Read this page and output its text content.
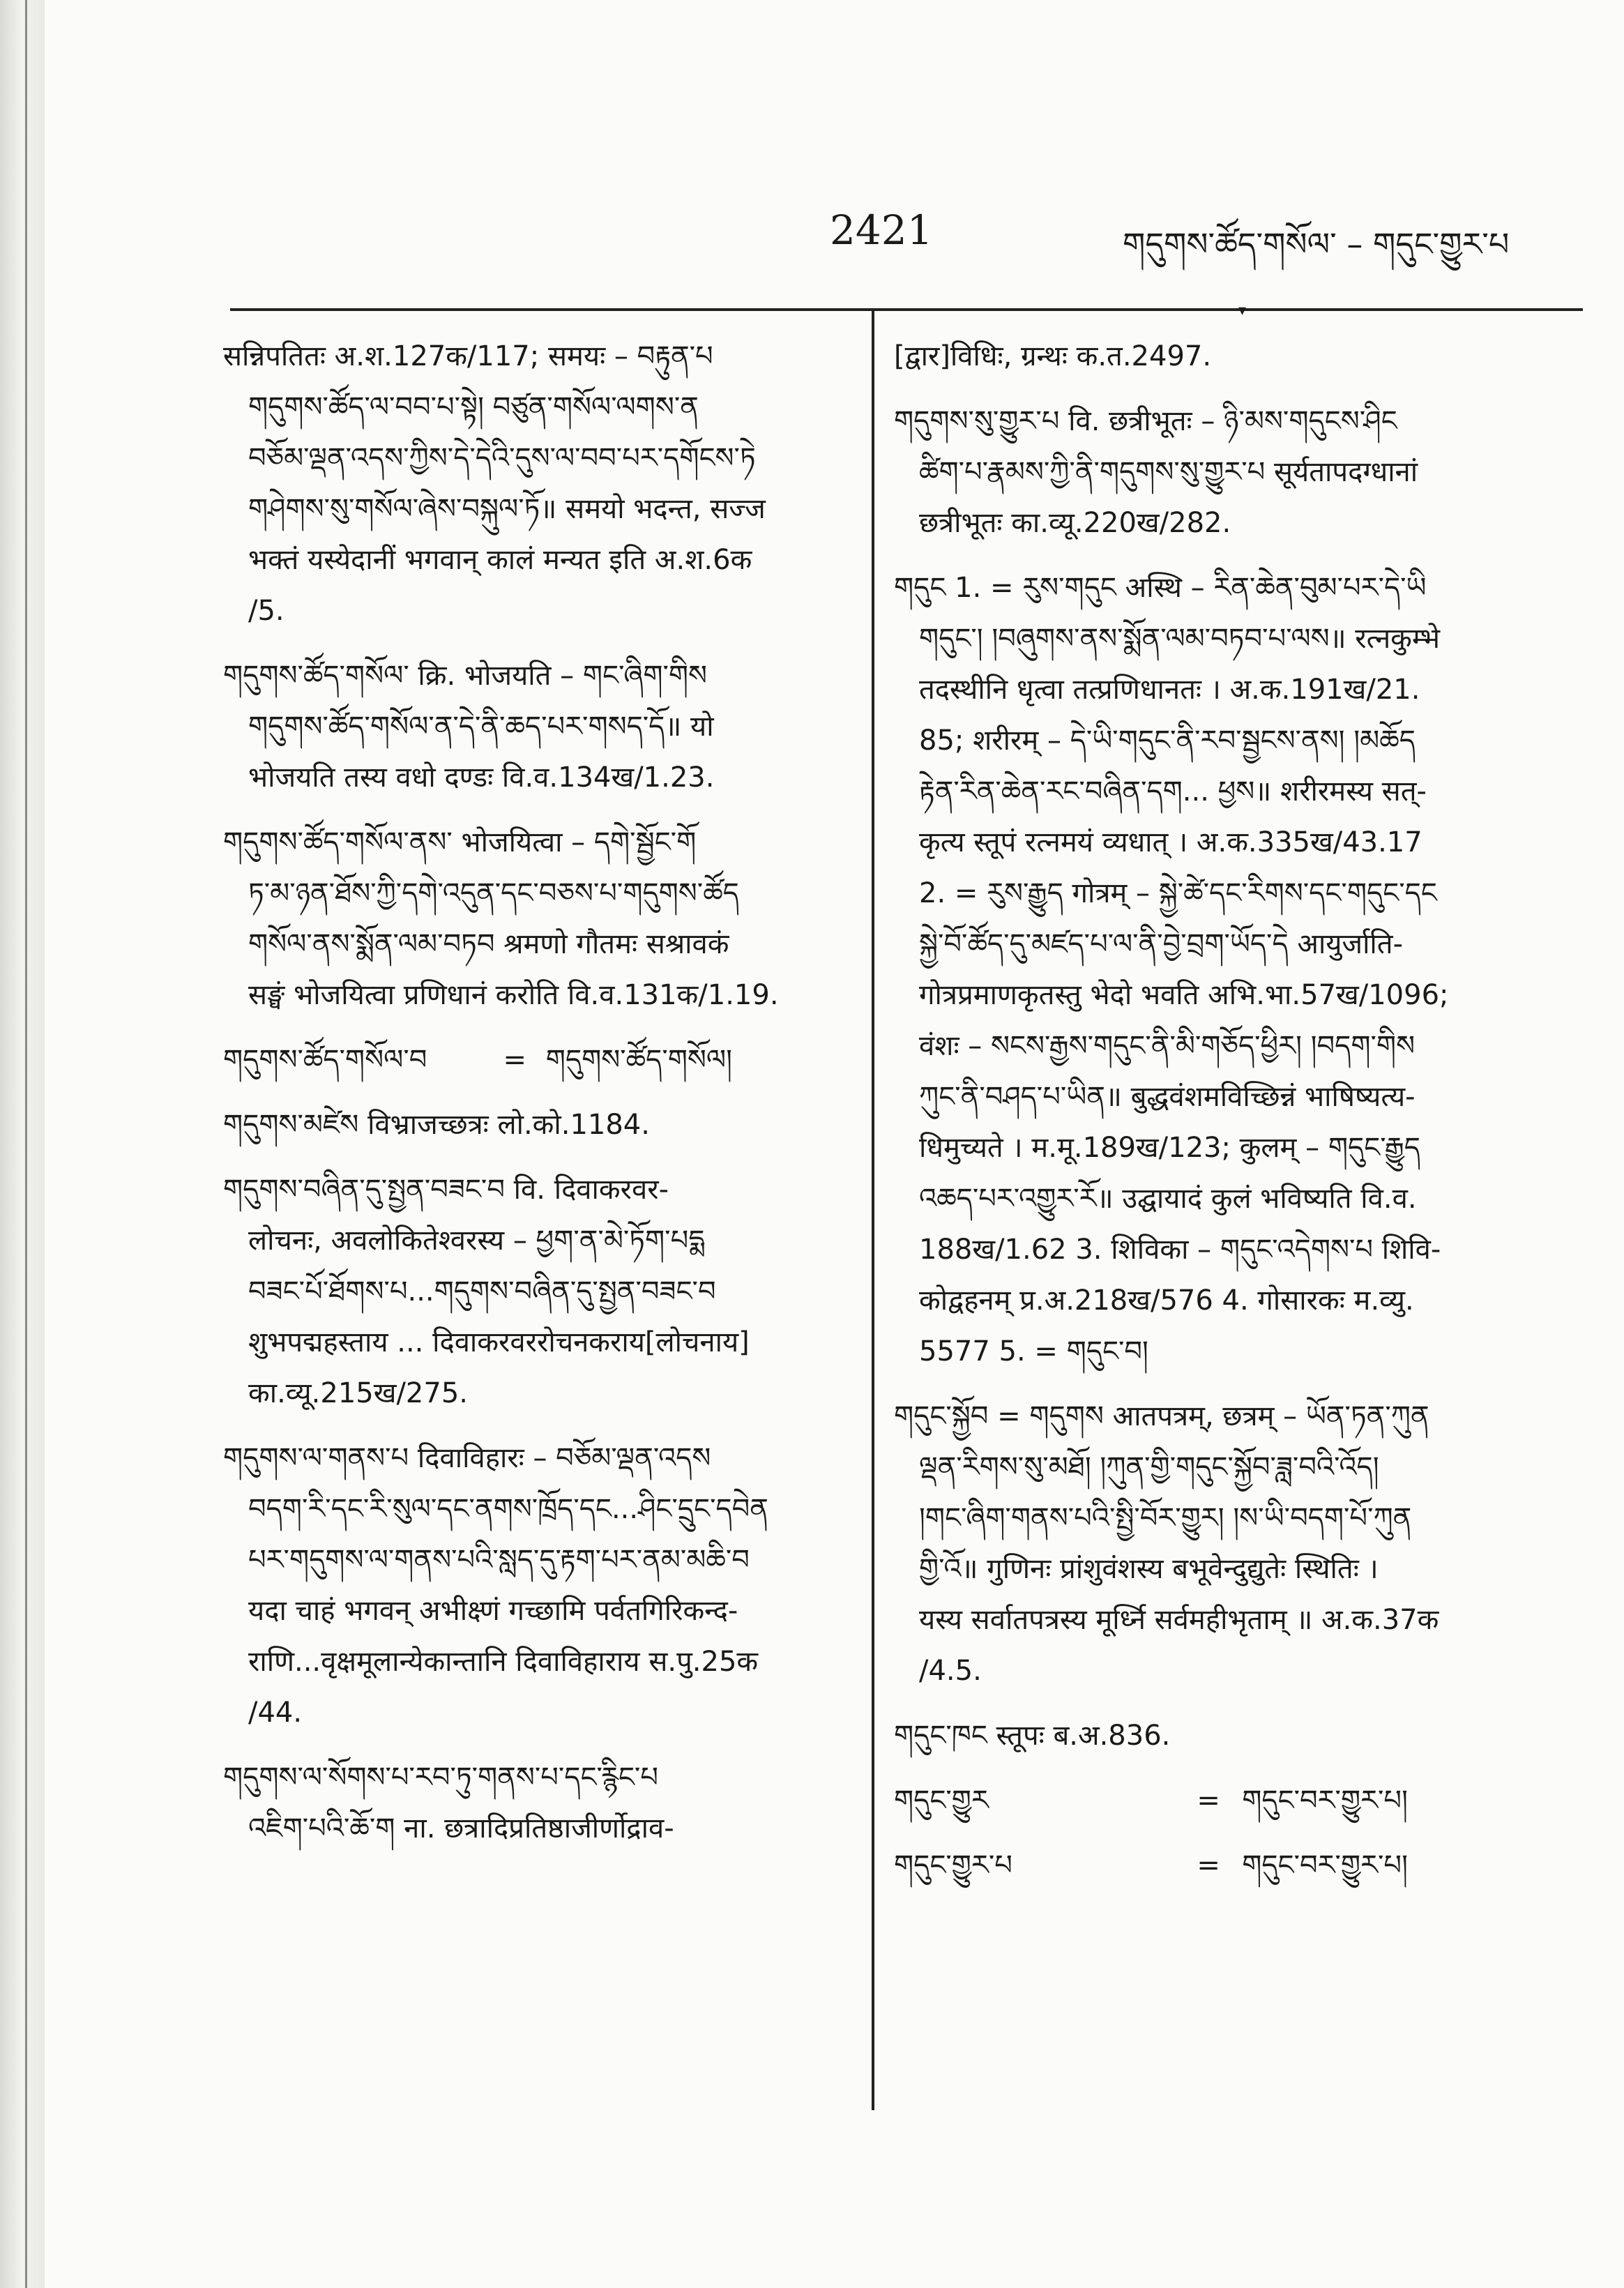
2421	གདུགས་ཚོད་གསོལ་ – གདུང་གྱུར་པ
▾

सन्निपतितः अ.श.127क/117; समयः – བརྟུན་པ

གདུགས་ཚོད་ལ་བབ་པ་སྟེ། བཙུན་གསོལ་ལགས་ན

བཅོམ་ལྡན་འདས་ཀྱིས་དེ་དེའི་དུས་ལ་བབ་པར་དགོངས་ཏེ

གཤེགས་སུ་གསོལ་ཞེས་བསྐུལ་ཏོ॥ समयो भदन्त, सज्ज

भक्तं यस्येदानीं भगवान् कालं मन्यत इति अ.श.6क

/5.

གདུགས་ཚོད་གསོལ་ क्रि. भोजयति – གང་ཞིག་གིས

གདུགས་ཚོད་གསོལ་ན་དེ་ནི་ཆད་པར་གསད་དོ॥ यो

भोजयति तस्य वधो दण्डः वि.व.134ख/1.23.

གདུགས་ཚོད་གསོལ་ནས་ भोजयित्वा – དགེ་སྦྱོང་གོ

ཏ་མ་ཉན་ཐོས་ཀྱི་དགེ་འདུན་དང་བཅས་པ་གདུགས་ཚོད

གསོལ་ནས་སྨོན་ལམ་བཏབ श्रमणो गौतमः सश्रावकं

सङ्घं भोजयित्वा प्रणिधानं करोति वि.व.131क/1.19.

གདུགས་ཚོད་གསོལ་བ	= གདུགས་ཚོད་གསོལ།

གདུགས་མཛེས विभ्राजच्छत्रः लो.को.1184.

གདུགས་བཞིན་དུ་སྤྱན་བཟང་བ वि. दिवाकरवर-

लोचनः, अवलोकितेश्वरस्य – ཕྱག་ན་མེ་ཏོག་པདྨ

བཟང་པོ་ཐོགས་པ...གདུགས་བཞིན་དུ་སྤྱན་བཟང་བ

शुभपद्महस्ताय ... दिवाकरवररोचनकराय[लोचनाय]

का.व्यू.215ख/275.

གདུགས་ལ་གནས་པ दिवाविहारः – བཅོམ་ལྡན་འདས

བདག་རི་དང་རི་སུལ་དང་ནགས་ཁྲོད་དང...ཤིང་དྲུང་དབེན

པར་གདུགས་ལ་གནས་པའི་སླད་དུ་རྟག་པར་ནམ་མཆི་བ

यदा चाहं भगवन् अभीक्ष्णं गच्छामि पर्वतगिरिकन्द-

राणि...वृक्षमूलान्येकान्तानि दिवाविहाराय स.पु.25क

/44.

གདུགས་ལ་སོགས་པ་རབ་ཏུ་གནས་པ་དང་རྙིང་པ

འཇིག་པའི་ཆོ་ག ना. छत्रादिप्रतिष्ठाजीर्णोद्राव-

[द्वार]विधिः, ग्रन्थः क.त.2497.

གདུགས་སུ་གྱུར་པ वि. छत्रीभूतः – ཉི་མས་གདུངས་ཤིང

ཚིག་པ་རྣམས་ཀྱི་ནི་གདུགས་སུ་གྱུར་པ सूर्यतापदग्धानां

छत्रीभूतः का.व्यू.220ख/282.

གདུང 1. = རུས་གདུང अस्थि – རིན་ཆེན་བུམ་པར་དེ་ཡི

གདུང་། །བཞུགས་ནས་སྨོན་ལམ་བཏབ་པ་ལས॥ रत्नकुम्भे

तदस्थीनि धृत्वा तत्प्रणिधानतः । अ.क.191ख/21.

85; शरीरम् – དེ་ཡི་གདུང་ནི་རབ་སྦྱངས་ནས། །མཆོད

རྟེན་རིན་ཆེན་རང་བཞིན་དག... ཕྱས॥ शरीरमस्य सत्-

कृत्य स्तूपं रत्नमयं व्यधात् । अ.क.335ख/43.17

2. = རུས་རྒྱུད गोत्रम् – སྐྱེ་ཚེ་དང་རིགས་དང་གདུང་དང

སྐྱེ་བོ་ཚོད་དུ་མཛད་པ་ལ་ནི་བྱེ་བྲག་ཡོད་དེ आयुर्जाति-

गोत्रप्रमाणकृतस्तु भेदो भवति अभि.भा.57ख/1096;

वंशः – སངས་རྒྱས་གདུང་ནི་མི་གཅོད་ཕྱིར། །བདག་གིས

ཀུང་ནི་བཤད་པ་ཡིན॥ बुद्धवंशमविच्छिन्नं भाषिष्यत्य-

धिमुच्यते । म.मू.189ख/123; कुलम् – གདུང་རྒྱུད

འཆད་པར་འགྱུར་རོ॥ उद्घायादं कुलं भविष्यति वि.व.

188ख/1.62 3. शिविका – གདུང་འདེགས་པ शिवि-

कोद्वहनम् प्र.अ.218ख/576 4. गोसारकः म.व्यु.

5577 5. = གདུང་བ།

གདུང་སྐྱོབ = གདུགས आतपत्रम्, छत्रम् – ཡོན་ཏན་ཀུན

ལྡན་རིགས་སུ་མཐོ། །ཀུན་གྱི་གདུང་སྐྱོབ་ཟླ་བའི་འོད།

།གང་ཞིག་གནས་པའི་སྤྱི་བོར་གྱུར། །ས་ཡི་བདག་པོ་ཀུན

གྱི་འོ॥ गुणिनः प्रांशुवंशस्य बभूवेन्दुद्युतेः स्थितिः ।

यस्य सर्वातपत्रस्य मूर्ध्नि सर्वमहीभृताम् ॥ अ.क.37क

/4.5.

གདུང་ཁང स्तूपः ब.अ.836.

གདུང་གྱུར	= གདུང་བར་གྱུར་པ།
གདུང་གྱུར་པ	= གདུང་བར་གྱུར་པ།
